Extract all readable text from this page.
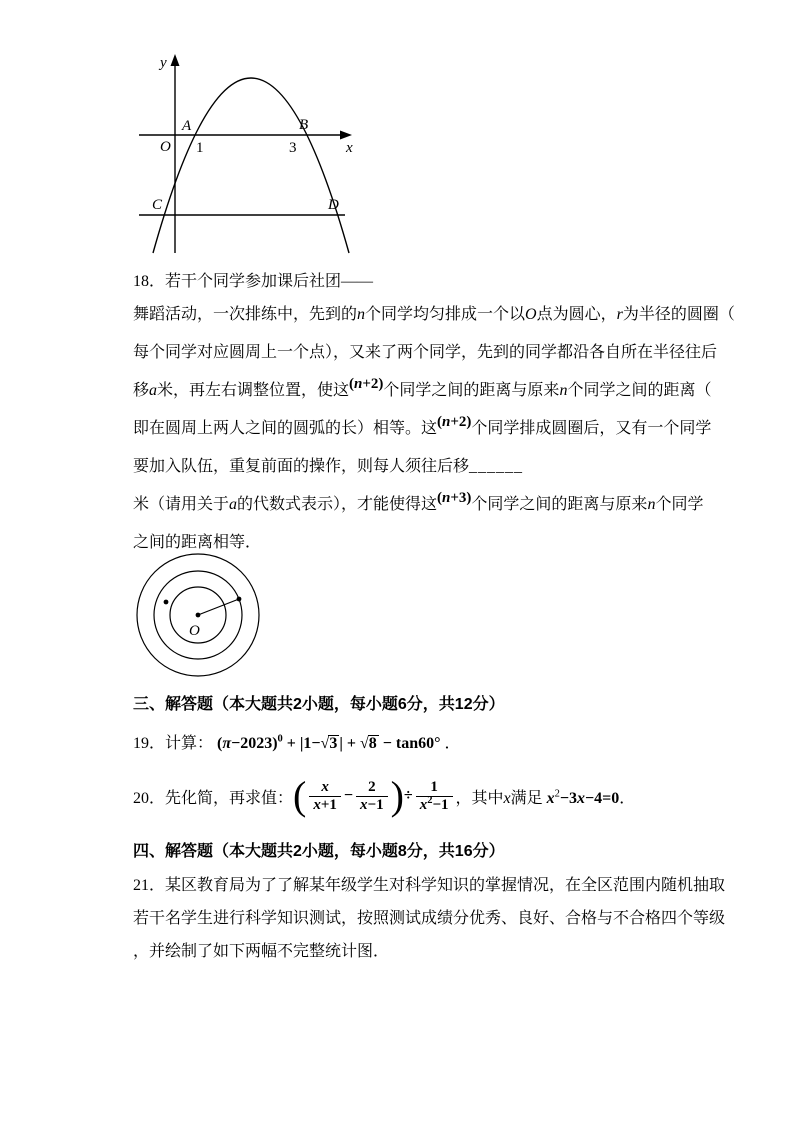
y
x
O
A
1
B
3
C	D
18．若干个同学参加课后社团——
舞蹈活动，一次排练中，先到的n个同学均匀排成一个以O点为圆心，r为半径的圆圈（
每个同学对应圆周上一个点），又来了两个同学，先到的同学都沿各自所在半径往后
移a米，再左右调整位置，使这(n+2)个同学之间的距离与原来n个同学之间的距离（
即在圆周上两人之间的圆弧的长）相等。这(n+2)个同学排成圆圈后，又有一个同学
要加入队伍，重复前面的操作，则每人须往后移______
米（请用关于a的代数式表示），才能使得这(n+3)个同学之间的距离与原来n个同学
之间的距离相等．
O
三、解答题（本大题共2小题，每小题6分，共12分）
19．计算： $(\pi-2023)^0 + |1-√3$ | + √8 − tan60° ．
20．先化简，再求值： ( $\frac{x}{x+1} - \frac{2}{x-1}$ ) ÷ $\frac{1}{x^2-1}$ ，其中x满足 $x^2-3x-4=0$．
四、解答题（本大题共2小题，每小题8分，共16分）
21．某区教育局为了了解某年级学生对科学知识的掌握情况，在全区范围内随机抽取
若干名学生进行科学知识测试，按照测试成绩分优秀、良好、合格与不合格四个等级
，并绘制了如下两幅不完整统计图．
